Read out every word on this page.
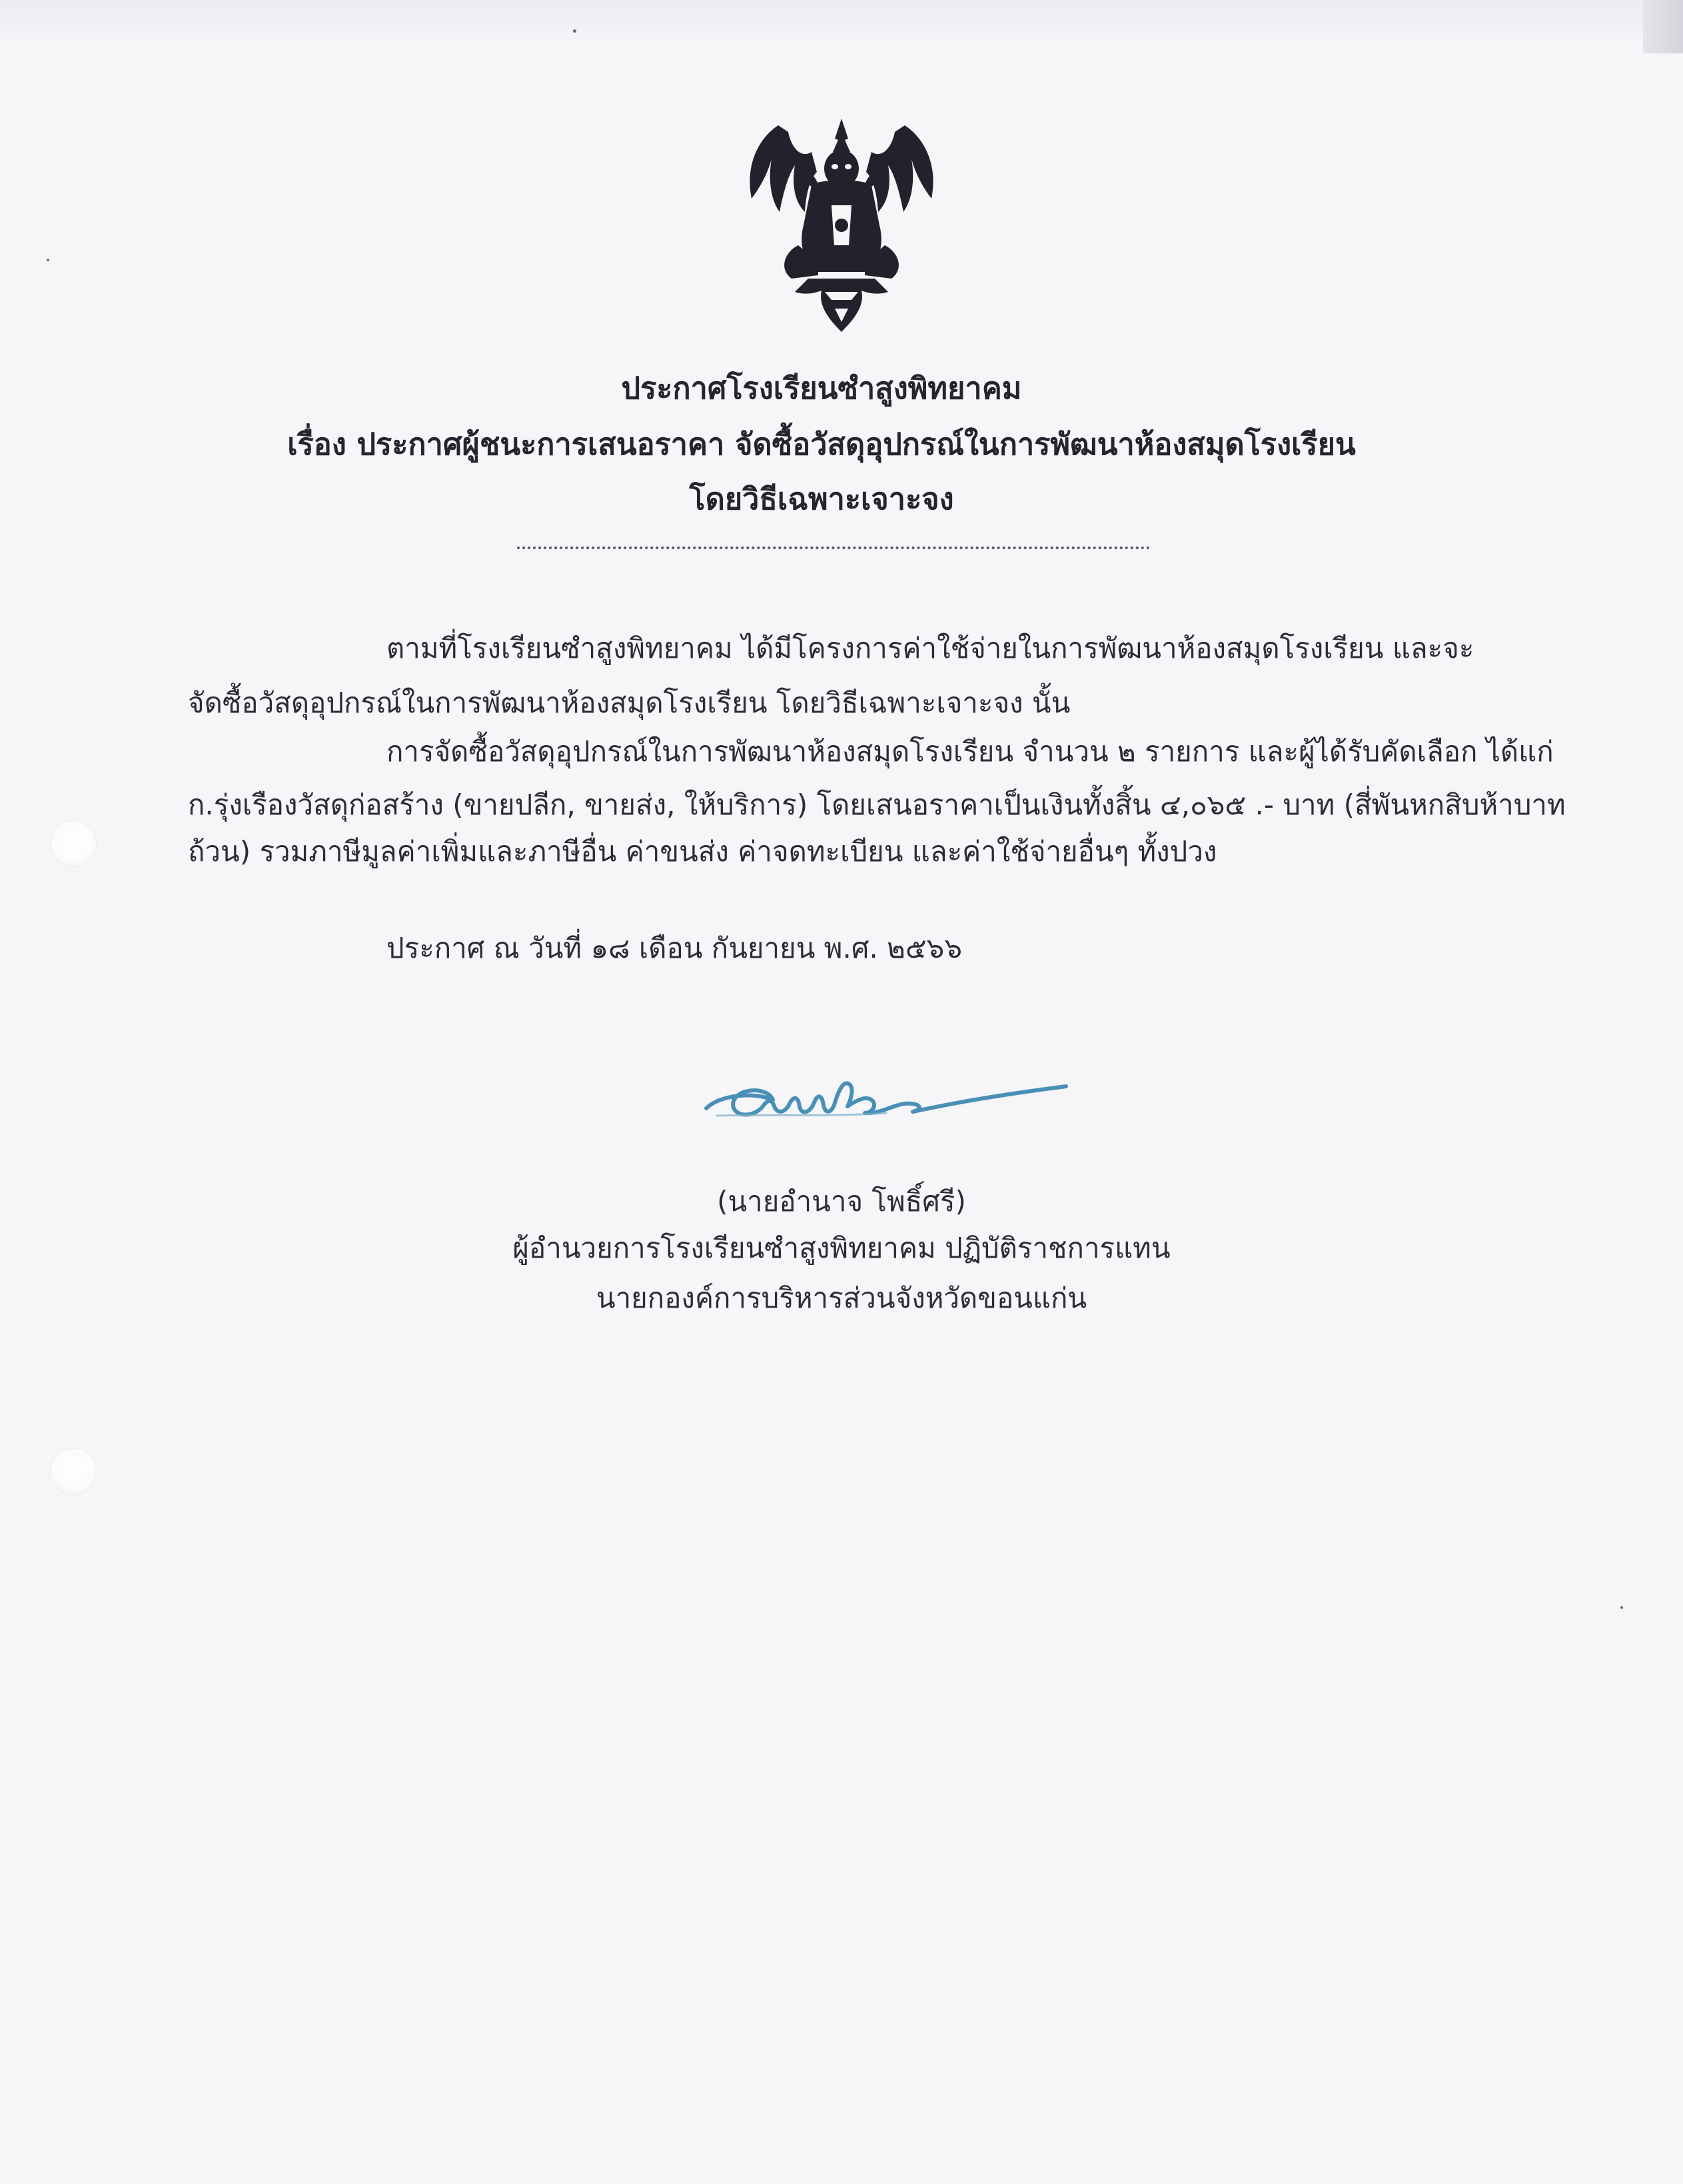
ประกาศโรงเรียนซำสูงพิทยาคม
เรื่อง ประกาศผู้ชนะการเสนอราคา จัดซื้อวัสดุอุปกรณ์ในการพัฒนาห้องสมุดโรงเรียน
โดยวิธีเฉพาะเจาะจง
ตามที่โรงเรียนซำสูงพิทยาคม ได้มีโครงการค่าใช้จ่ายในการพัฒนาห้องสมุดโรงเรียน และจะ
จัดซื้อวัสดุอุปกรณ์ในการพัฒนาห้องสมุดโรงเรียน โดยวิธีเฉพาะเจาะจง นั้น
การจัดซื้อวัสดุอุปกรณ์ในการพัฒนาห้องสมุดโรงเรียน จำนวน ๒ รายการ และผู้ได้รับคัดเลือก ได้แก่
ก.รุ่งเรืองวัสดุก่อสร้าง (ขายปลีก, ขายส่ง, ให้บริการ) โดยเสนอราคาเป็นเงินทั้งสิ้น ๔,๐๖๕ .- บาท (สี่พันหกสิบห้าบาท
ถ้วน) รวมภาษีมูลค่าเพิ่มและภาษีอื่น ค่าขนส่ง ค่าจดทะเบียน และค่าใช้จ่ายอื่นๆ ทั้งปวง
ประกาศ ณ วันที่ ๑๘ เดือน กันยายน พ.ศ. ๒๕๖๖
(นายอำนาจ โพธิ์ศรี)
ผู้อำนวยการโรงเรียนซำสูงพิทยาคม ปฏิบัติราชการแทน
นายกองค์การบริหารส่วนจังหวัดขอนแก่น
